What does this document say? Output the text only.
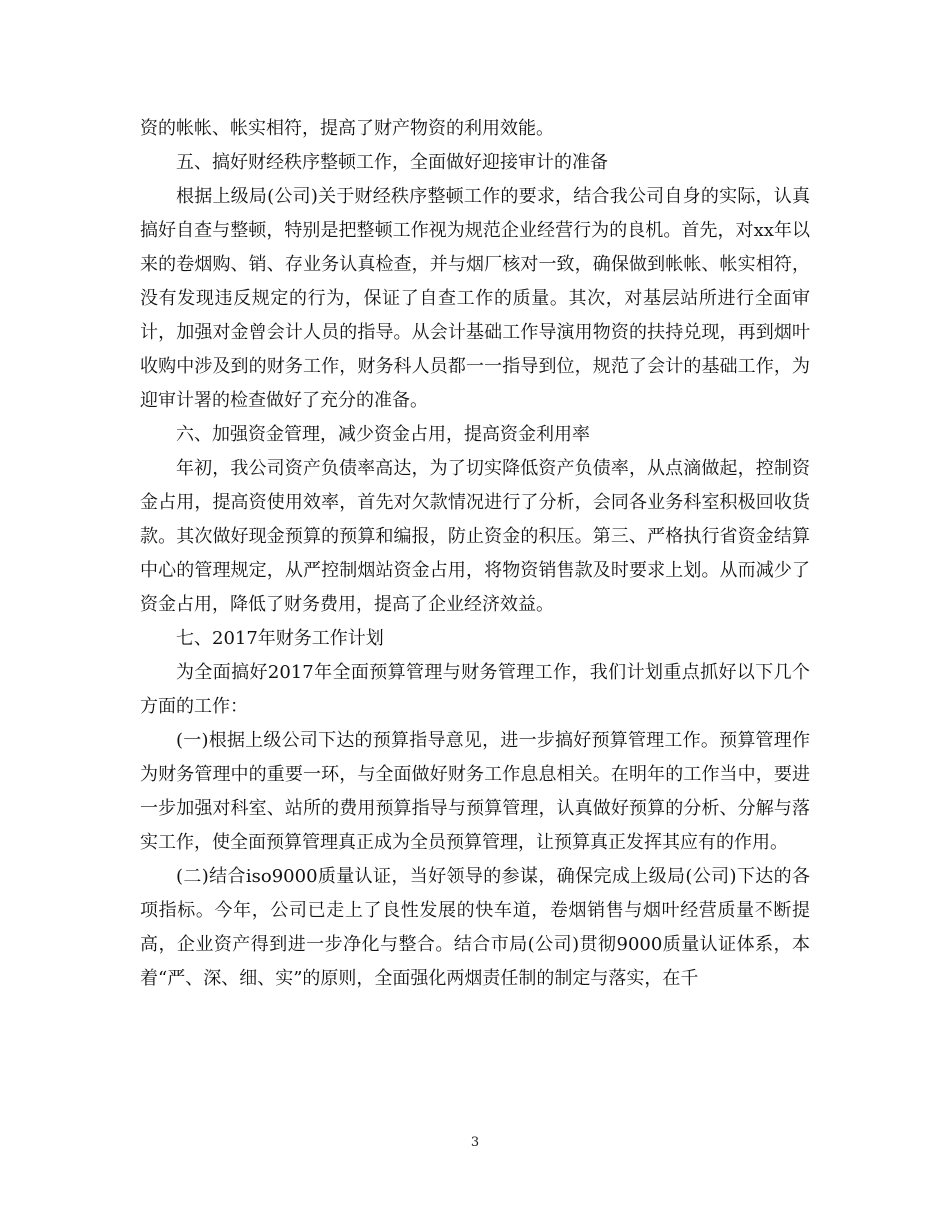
资的帐帐、帐实相符，提高了财产物资的利用效能。

五、搞好财经秩序整顿工作，全面做好迎接审计的准备

根据上级局(公司)关于财经秩序整顿工作的要求，结合我公司自身的实际，认真搞好自查与整顿，特别是把整顿工作视为规范企业经营行为的良机。首先，对xx年以来的卷烟购、销、存业务认真检查，并与烟厂核对一致，确保做到帐帐、帐实相符，没有发现违反规定的行为，保证了自查工作的质量。其次，对基层站所进行全面审计，加强对金曾会计人员的指导。从会计基础工作导演用物资的扶持兑现，再到烟叶收购中涉及到的财务工作，财务科人员都一一指导到位，规范了会计的基础工作，为迎审计署的检查做好了充分的准备。

六、加强资金管理，减少资金占用，提高资金利用率

年初，我公司资产负债率高达，为了切实降低资产负债率，从点滴做起，控制资金占用，提高资使用效率，首先对欠款情况进行了分析，会同各业务科室积极回收货款。其次做好现金预算的预算和编报，防止资金的积压。第三、严格执行省资金结算中心的管理规定，从严控制烟站资金占用，将物资销售款及时要求上划。从而减少了资金占用，降低了财务费用，提高了企业经济效益。

七、2017年财务工作计划

为全面搞好2017年全面预算管理与财务管理工作，我们计划重点抓好以下几个方面的工作：

(一)根据上级公司下达的预算指导意见，进一步搞好预算管理工作。预算管理作为财务管理中的重要一环，与全面做好财务工作息息相关。在明年的工作当中，要进一步加强对科室、站所的费用预算指导与预算管理，认真做好预算的分析、分解与落实工作，使全面预算管理真正成为全员预算管理，让预算真正发挥其应有的作用。

(二)结合iso9000质量认证，当好领导的参谋，确保完成上级局(公司)下达的各项指标。今年，公司已走上了良性发展的快车道，卷烟销售与烟叶经营质量不断提高，企业资产得到进一步净化与整合。结合市局(公司)贯彻9000质量认证体系，本着“严、深、细、实”的原则，全面强化两烟责任制的制定与落实，在千

3
